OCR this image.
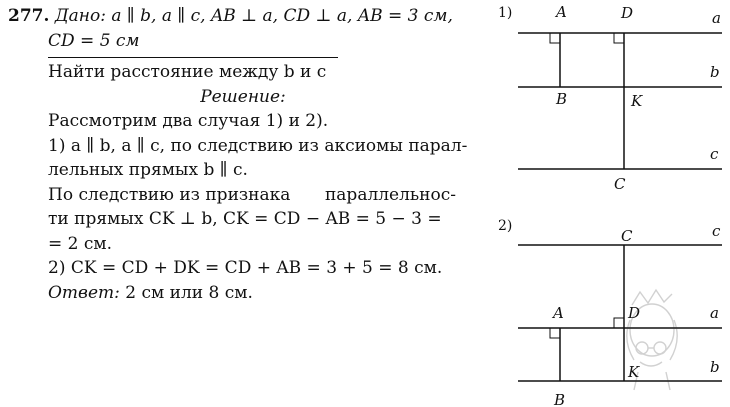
277. Дано: a ∥ b, a ∥ c, AB ⊥ a, CD ⊥ a, AB = 3 см,
CD = 5 см
Найти расстояние между b и c
Решение:
Рассмотрим два случая 1) и 2).
1) a ∥ b, a ∥ c, по следствию из аксиомы парал-
лельных прямых b ∥ c.
По следствию из признака параллельнос-
ти прямых CK ⊥ b, CK = CD − AB = 5 − 3 =
= 2 см.
2) CK = CD + DK = CD + AB = 3 + 5 = 8 см.
Ответ: 2 см или 8 см.
1)	A	D	a
b
B	K
c
C
2)
C	c
A	D	a
K	b
B
